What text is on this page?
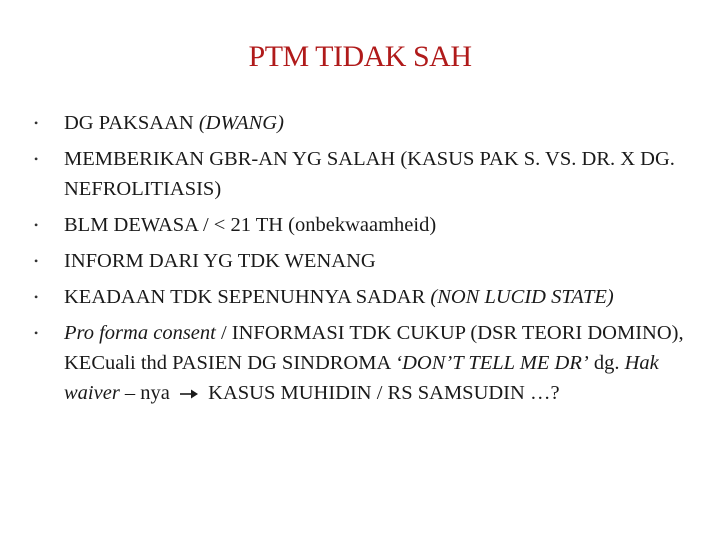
PTM TIDAK SAH
• DG PAKSAAN (DWANG)
• MEMBERIKAN GBR-AN YG SALAH (KASUS PAK S. VS. DR. X DG. NEFROLITIASIS)
• BLM DEWASA / < 21 TH (onbekwaamheid)
• INFORM DARI YG TDK WENANG
• KEADAAN TDK SEPENUHNYA SADAR (NON LUCID STATE)
• Pro forma consent / INFORMASI TDK CUKUP (DSR TEORI DOMINO), KECuali thd PASIEN DG SINDROMA ‘DON’T TELL ME DR’ dg. Hak waiver – nya  KASUS MUHIDIN / RS SAMSUDIN …?
